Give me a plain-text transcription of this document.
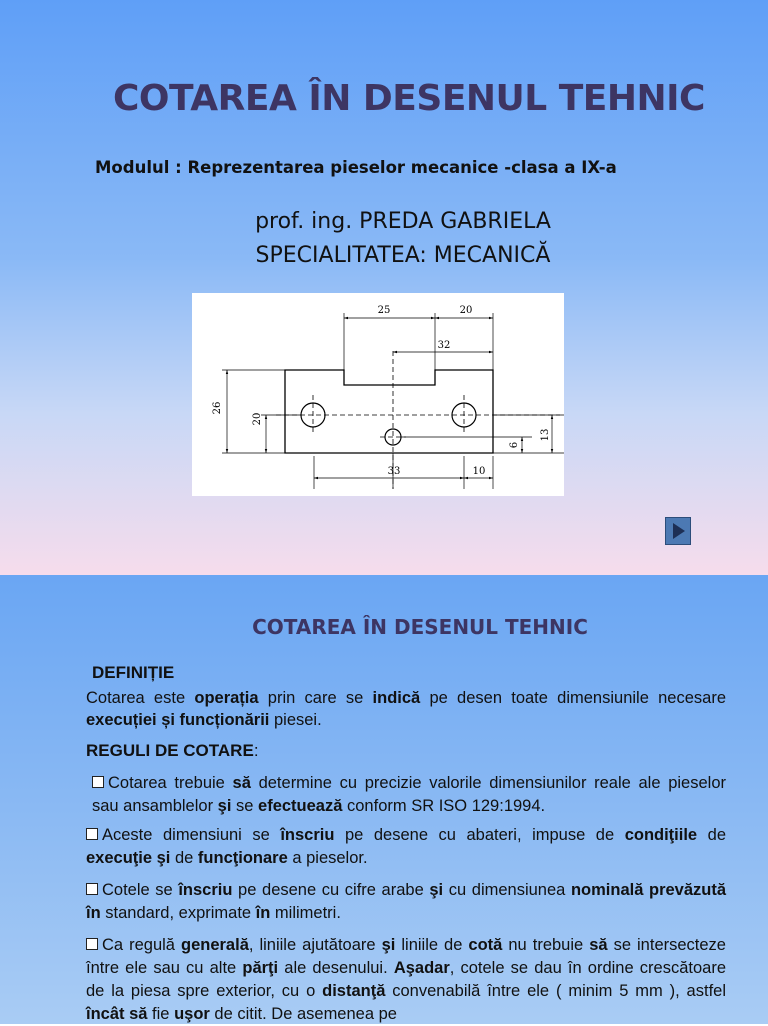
COTAREA ÎN DESENUL TEHNIC
Modulul : Reprezentarea pieselor mecanice -clasa a IX-a
prof. ing. PREDA GABRIELA
SPECIALITATEA: MECANICĂ
25	20
32
26
20
13
6
33	10
COTAREA ÎN DESENUL TEHNIC
DEFINIȚIE
Cotarea este operația prin care se indică pe desen toate dimensiunile necesare execuției și funcționării piesei.
REGULI DE COTARE:
Cotarea trebuie să determine cu precizie valorile dimensiunilor reale ale pieselor sau ansamblelor şi se efectuează conform SR ISO 129:1994.
Aceste dimensiuni se înscriu pe desene cu abateri, impuse de condiţiile de execuţie şi de funcţionare a pieselor.
Cotele se înscriu pe desene cu cifre arabe şi cu dimensiunea nominală prevăzută în standard, exprimate în milimetri.
Ca regulă generală, liniile ajutătoare şi liniile de cotă nu trebuie să se intersecteze între ele sau cu alte părţi ale desenului. Aşadar, cotele se dau în ordine crescătoare de la piesa spre exterior, cu o distanţă convenabilă între ele ( minim 5 mm ), astfel încât să fie uşor de citit. De asemenea pe
